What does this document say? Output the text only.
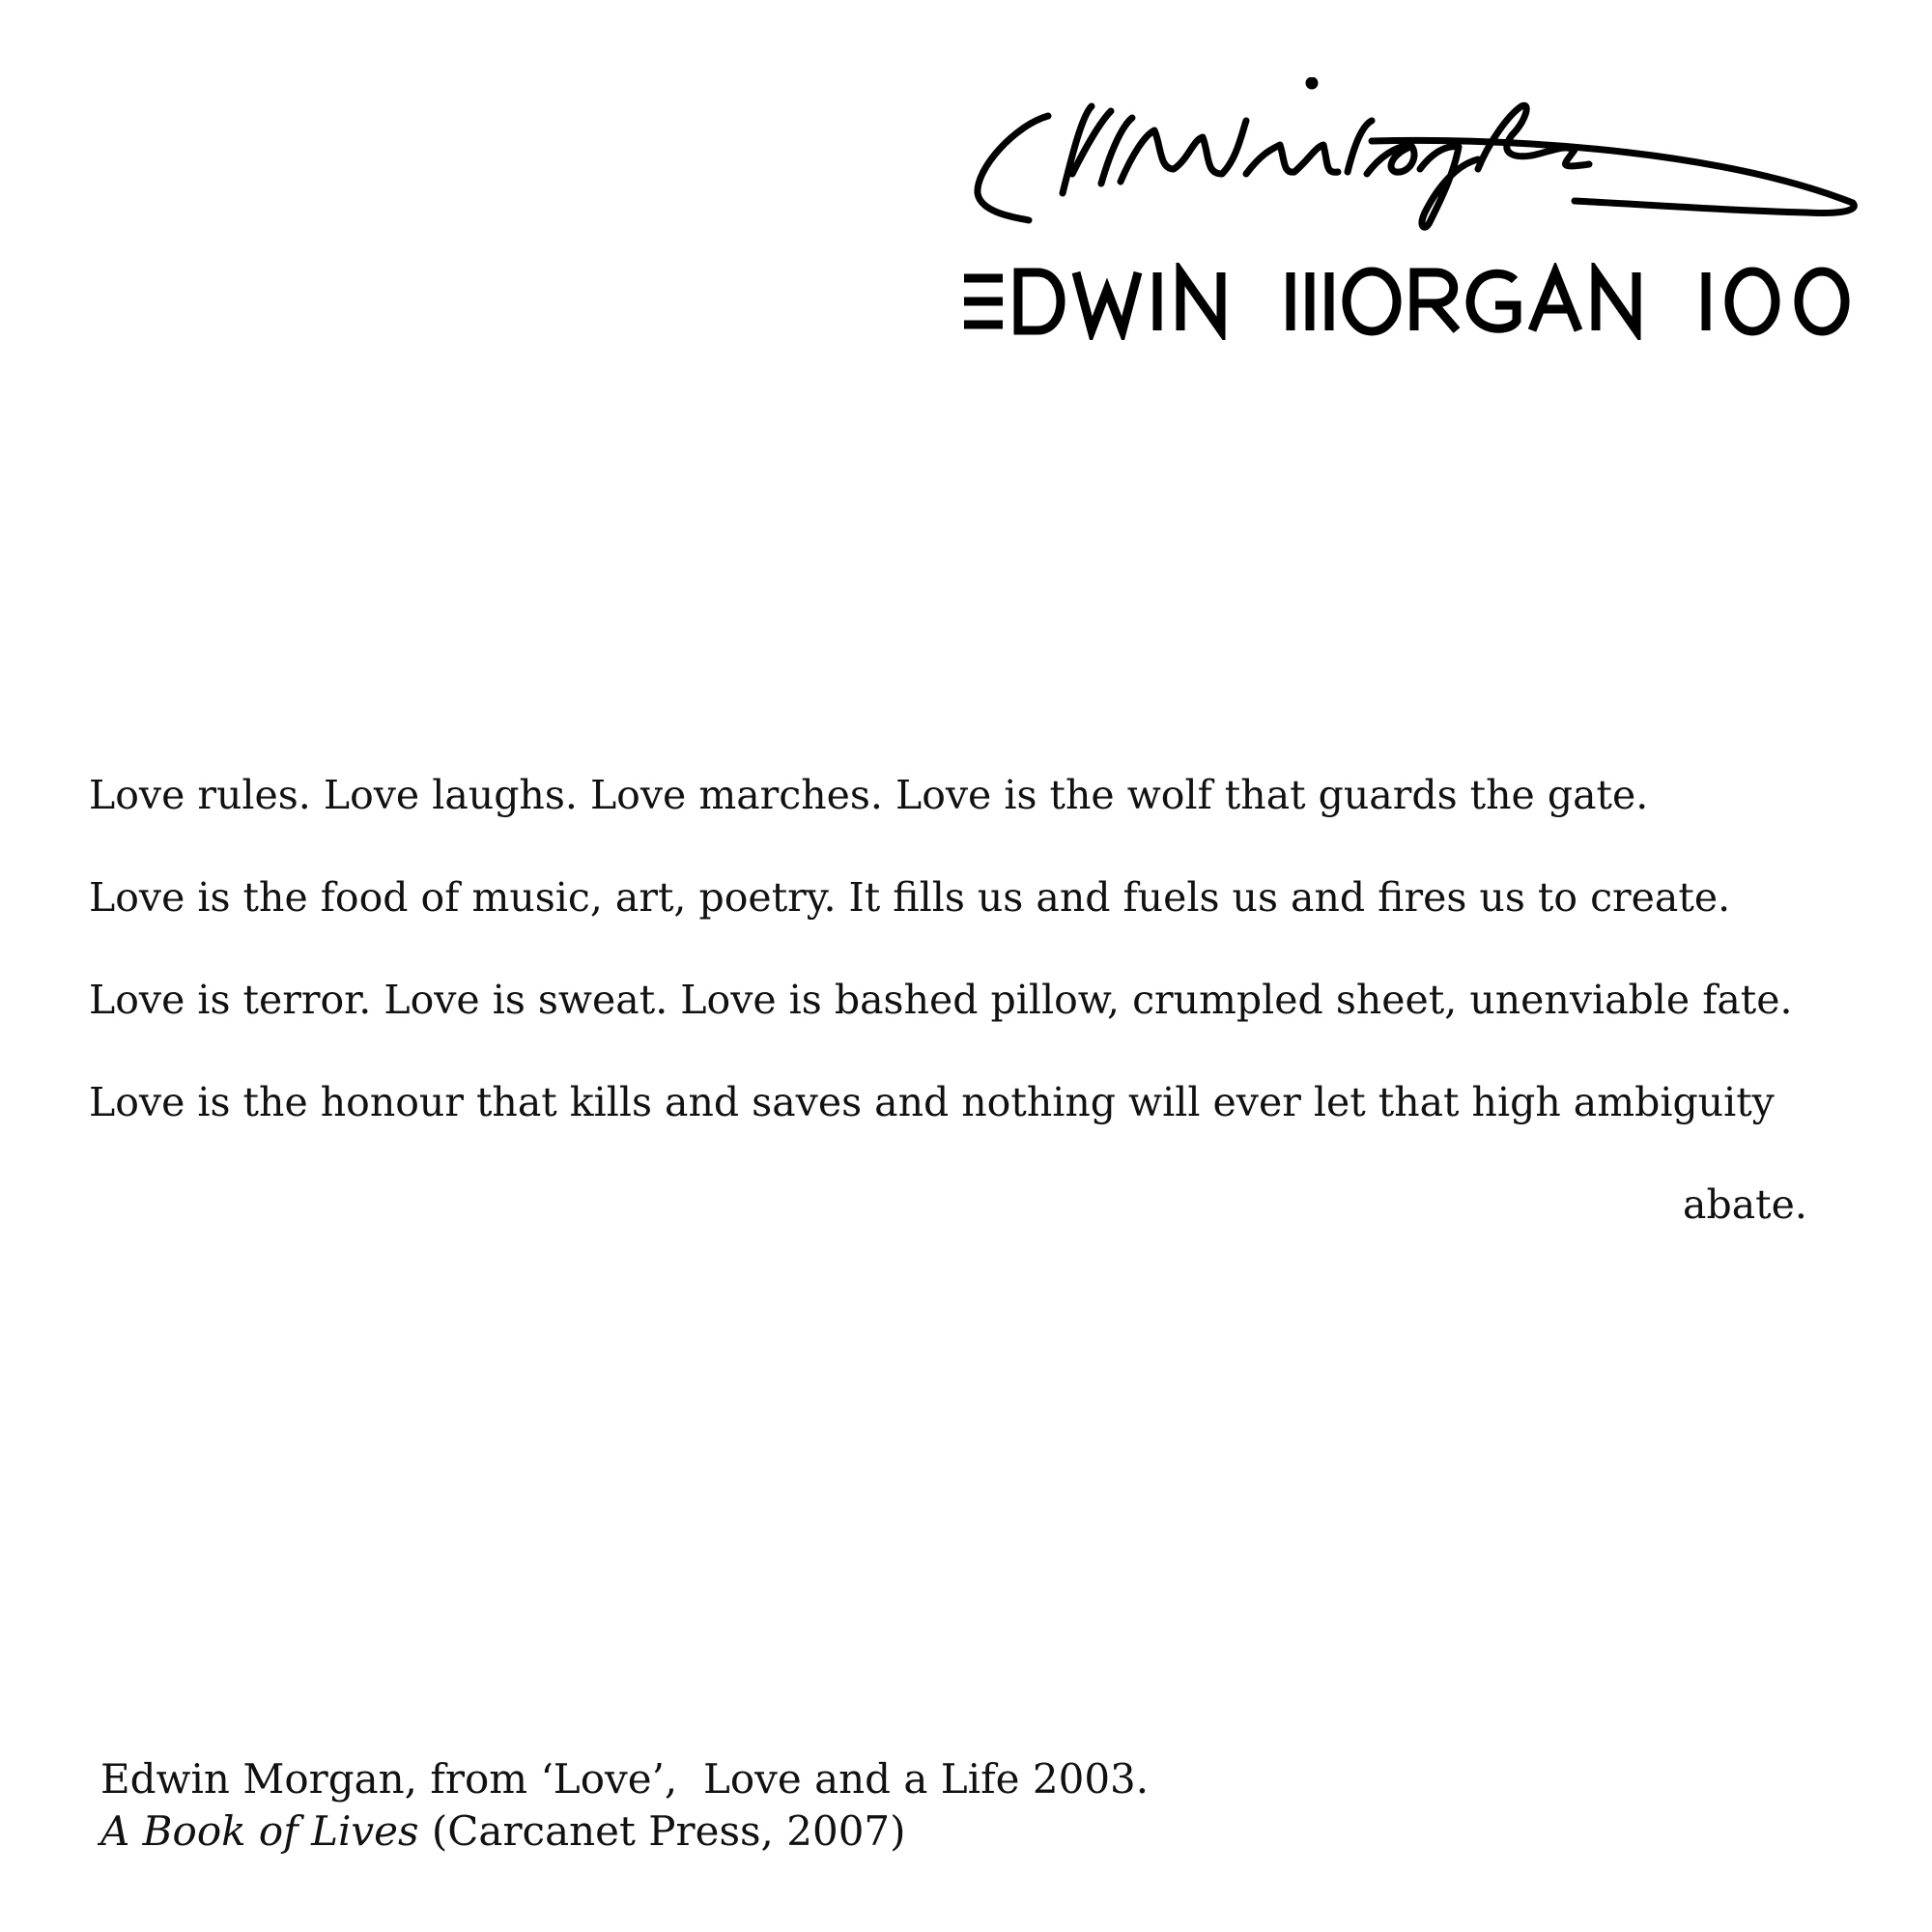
Love rules. Love laughs. Love marches. Love is the wolf that guards the gate.

Love is the food of music, art, poetry. It fills us and fuels us and fires us to create.

Love is terror. Love is sweat. Love is bashed pillow, crumpled sheet, unenviable fate.

Love is the honour that kills and saves and nothing will ever let that high ambiguity

abate.

Edwin Morgan, from ‘Love’,  Love and a Life 2003.
A Book of Lives (Carcanet Press, 2007)
